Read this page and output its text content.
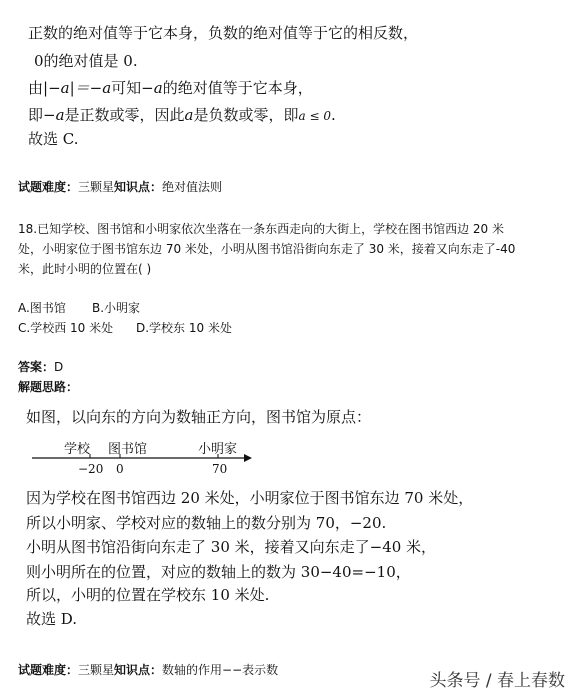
正数的绝对值等于它本身，负数的绝对值等于它的相反数，
0的绝对值是 0.
由|−a|＝−a可知−a的绝对值等于它本身，
即−a是正数或零，因此a是负数或零，即a ≤ 0.
故选 C.
试题难度：三颗星知识点：绝对值法则
18.已知学校、图书馆和小明家依次坐落在一条东西走向的大街上，学校在图书馆西边 20 米
处，小明家位于图书馆东边 70 米处，小明从图书馆沿街向东走了 30 米，接着又向东走了-40
米，此时小明的位置在( )
A.图书馆 B.小明家
C.学校西 10 米处 D.学校东 10 米处
答案：D
解题思路：
如图，以向东的方向为数轴正方向，图书馆为原点：
学校 图书馆	小明家
−20 0	70
因为学校在图书馆西边 20 米处，小明家位于图书馆东边 70 米处，
所以小明家、学校对应的数轴上的数分别为 70，−20.
小明从图书馆沿街向东走了 30 米，接着又向东走了−40 米，
则小明所在的位置，对应的数轴上的数为 30−40=−10，
所以，小明的位置在学校东 10 米处.
故选 D.
试题难度：三颗星知识点：数轴的作用−−表示数
头条号 / 春上春数
